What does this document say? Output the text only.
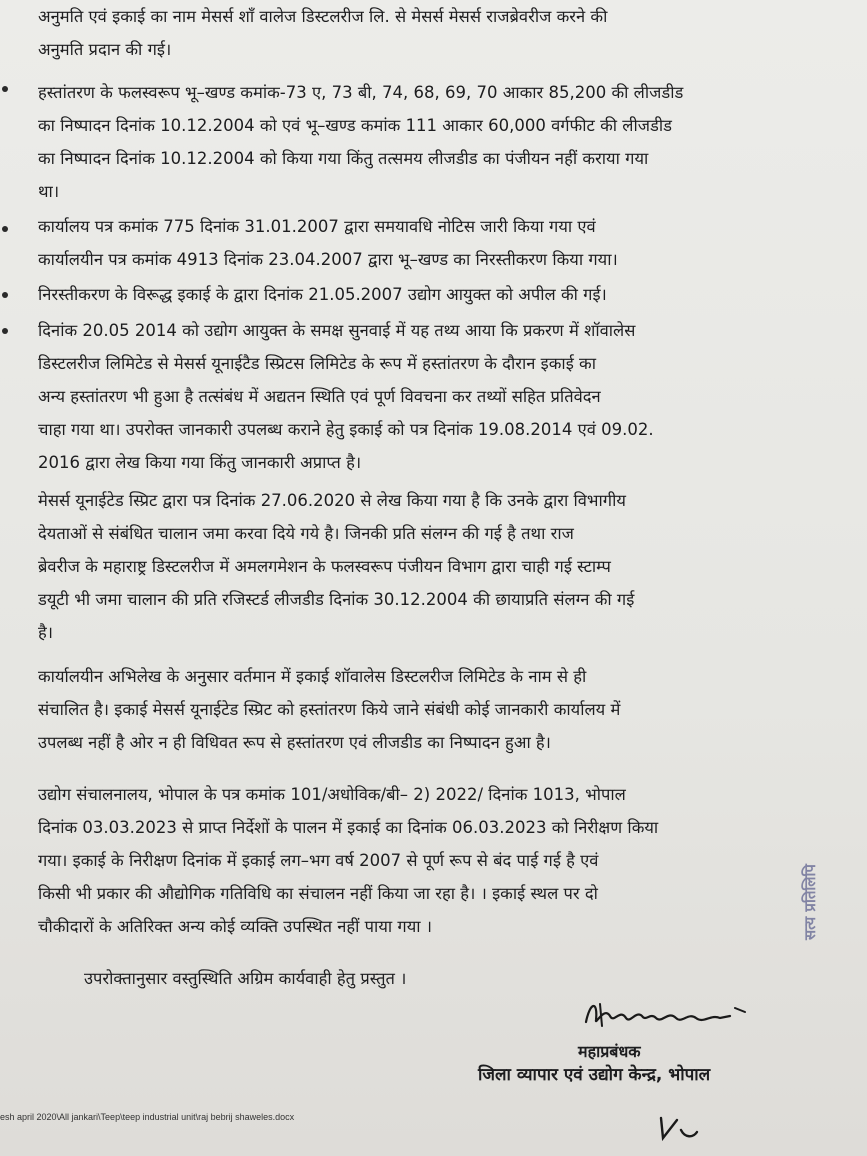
अनुमति एवं इकाई का नाम मेसर्स शॉं वालेज डिस्टलरीज लि. से मेसर्स मेसर्स राजब्रेवरीज करने की
अनुमति प्रदान की गई।
हस्तांतरण के फलस्वरूप भू–खण्ड कमांक-73 ए, 73 बी, 74, 68, 69, 70 आकार 85,200 की लीजडीड
का निष्पादन दिनांक 10.12.2004 को एवं भू–खण्ड कमांक 111 आकार 60,000 वर्गफीट की लीजडीड
का निष्पादन दिनांक 10.12.2004 को किया गया किंतु तत्समय लीजडीड का पंजीयन नहीं कराया गया
था।
कार्यालय पत्र कमांक 775 दिनांक 31.01.2007 द्वारा समयावधि नोटिस जारी किया गया एवं
कार्यालयीन पत्र कमांक 4913 दिनांक 23.04.2007 द्वारा भू–खण्ड का निरस्तीकरण किया गया।
निरस्तीकरण के विरूद्ध इकाई के द्वारा दिनांक 21.05.2007 उद्योग आयुक्त को अपील की गई।
दिनांक 20.05 2014 को उद्योग आयुक्त के समक्ष सुनवाई में यह तथ्य आया कि प्रकरण में शॉवालेस
डिस्टलरीज लिमिटेड से मेसर्स यूनाईटैड स्प्रिटस लिमिटेड के रूप में हस्तांतरण के दौरान इकाई का
अन्य हस्तांतरण भी हुआ है तत्संबंध में अद्यतन स्थिति एवं पूर्ण विवचना कर तथ्यों सहित प्रतिवेदन
चाहा गया था। उपरोक्त जानकारी उपलब्ध कराने हेतु इकाई को पत्र दिनांक 19.08.2014 एवं 09.02.
2016 द्वारा लेख किया गया किंतु जानकारी अप्राप्त है।
मेसर्स यूनाईटेड स्प्रिट द्वारा पत्र दिनांक 27.06.2020 से लेख किया गया है कि उनके द्वारा विभागीय
देयताओं से संबंधित चालान जमा करवा दिये गये है। जिनकी प्रति संलग्न की गई है तथा राज
ब्रेवरीज के महाराष्ट्र डिस्टलरीज में अमलगमेशन के फलस्वरूप पंजीयन विभाग द्वारा चाही गई स्टाम्प
डयूटी भी जमा चालान की प्रति रजिस्टर्ड लीजडीड दिनांक 30.12.2004 की छायाप्रति संलग्न की गई
है।
कार्यालयीन अभिलेख के अनुसार वर्तमान में इकाई शॉवालेस डिस्टलरीज लिमिटेड के नाम से ही
संचालित है। इकाई मेसर्स यूनाईटेड स्प्रिट को हस्तांतरण किये जाने संबंधी कोई जानकारी कार्यालय में
उपलब्ध नहीं है ओर न ही विधिवत रूप से हस्तांतरण एवं लीजडीड का निष्पादन हुआ है।
उद्योग संचालनालय, भोपाल के पत्र कमांक 101/अधोविक/बी– 2) 2022/ दिनांक 1013, भोपाल
दिनांक 03.03.2023 से प्राप्त निर्देशों के पालन में इकाई का दिनांक 06.03.2023 को निरीक्षण किया
गया। इकाई के निरीक्षण दिनांक में इकाई लग–भग वर्ष 2007 से पूर्ण रूप से बंद पाई गई है एवं
किसी भी प्रकार की औद्योगिक गतिविधि का संचालन नहीं किया जा रहा है। । इकाई स्थल पर दो
चौकीदारों के अतिरिक्त अन्य कोई व्यक्ति उपस्थित नहीं पाया गया ।
उपरोक्तानुसार वस्तुस्थिति अग्रिम कार्यवाही हेतु प्रस्तुत ।
सत्य प्रतिलिपि
महाप्रबंधक
जिला व्यापार एवं उद्योग केन्द्र, भोपाल
esh april 2020\All jankari\Teep\teep industrial unit\raj bebrij shaweles.docx
